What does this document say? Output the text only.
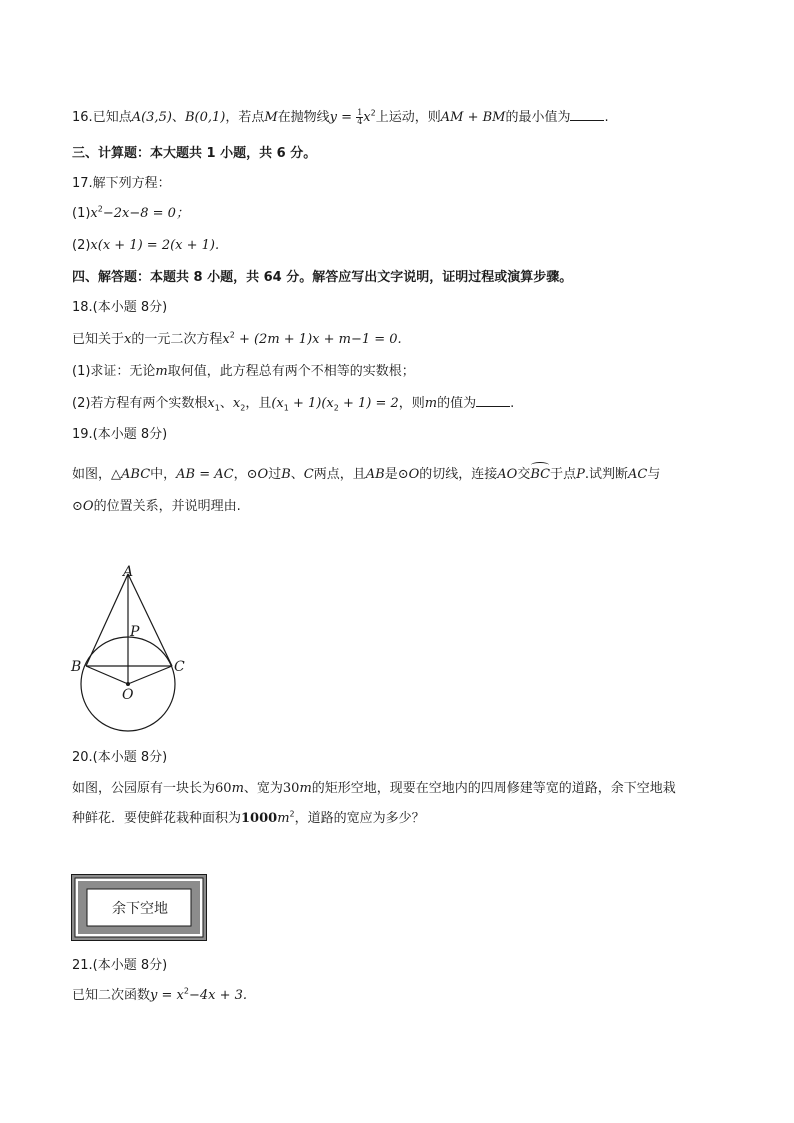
16.已知点A(3,5)、B(0,1)，若点M在抛物线$y = \frac{1}{4} x^2$上运动，则AM + BM的最小值为	.
三、计算题：本大题共 1 小题，共 6 分。
17.解下列方程：
$(1)x^2-2x-8 = 0$；
(2)x(x + 1) = 2(x + 1).
四、解答题：本题共 8 小题，共 64 分。解答应写出文字说明，证明过程或演算步骤。
18.(本小题 8分)
已知关于x的一元二次方程$x^2 + (2m + 1)x + m-1 = 0$.
(1)求证：无论m取何值，此方程总有两个不相等的实数根；
(2)若方程有两个实数根$x_1$、$x_2$，且$(x_1 + 1)(x_2 + 1) = 2$，则m的值为	.
19.(本小题 8分)
如图，△ABC中，AB = AC，⊙O过B、C两点，且AB是⊙O的切线，连接AO交BC于点P.试判断AC与
⊙O的位置关系，并说明理由.
A
P
B	C
O
20.(本小题 8分)
如图，公园原有一块长为60m、宽为30m的矩形空地，现要在空地内的四周修建等宽的道路，余下空地栽
种鲜花．要使鲜花栽种面积为$1000m^2$，道路的宽应为多少？
余下空地
21.(本小题 8分)
已知二次函数$y = x^2-4x + 3$.
